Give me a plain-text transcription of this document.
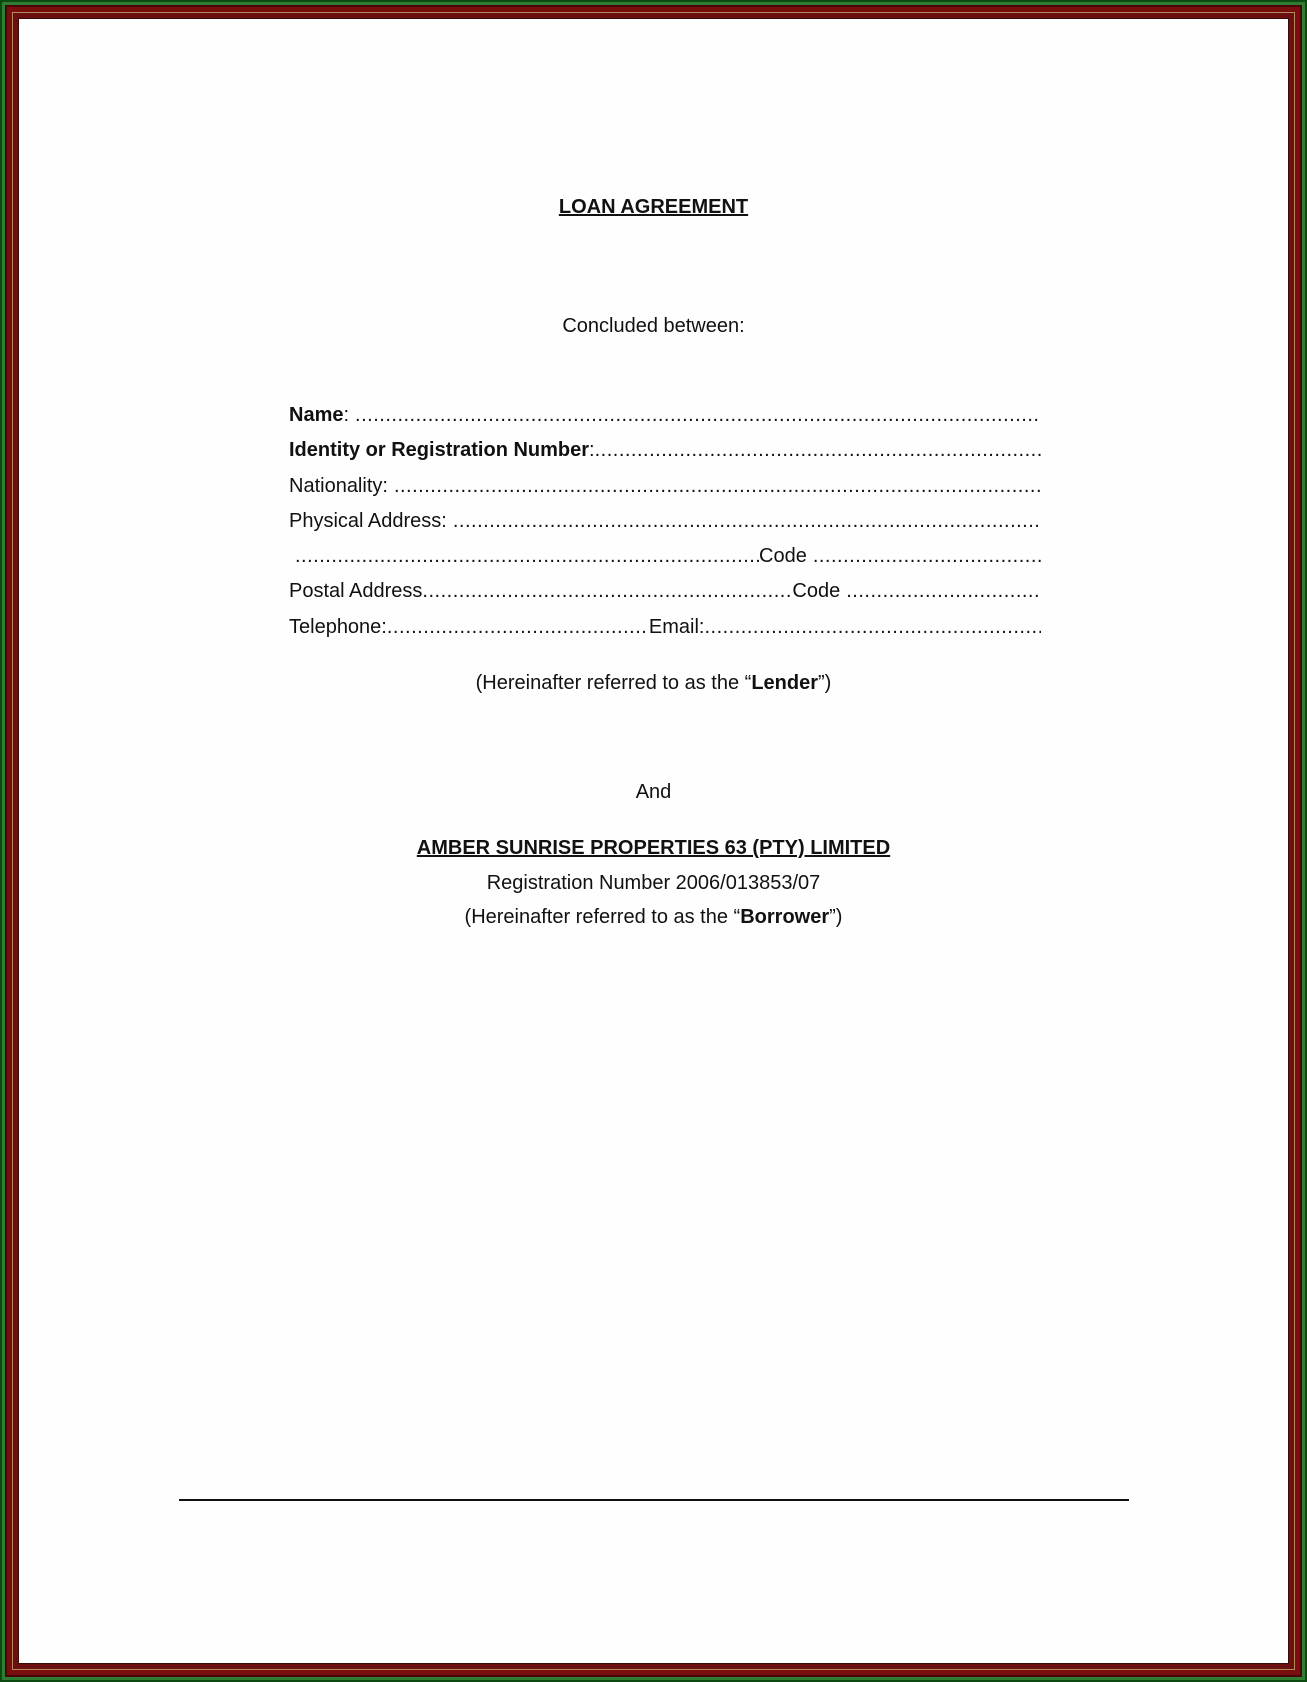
LOAN AGREEMENT
Concluded between:
Name :
.....
Identity or Registration Number :
.....
Nationality:
.....
Physical Address:
.....
.....
Code
.....
Postal Address .....	Code
.....
Telephone: .....	Email:
.....
(Hereinafter referred to as the “Lender”)
And
AMBER SUNRISE PROPERTIES 63 (PTY) LIMITED
Registration Number 2006/013853/07
(Hereinafter referred to as the “Borrower”)
